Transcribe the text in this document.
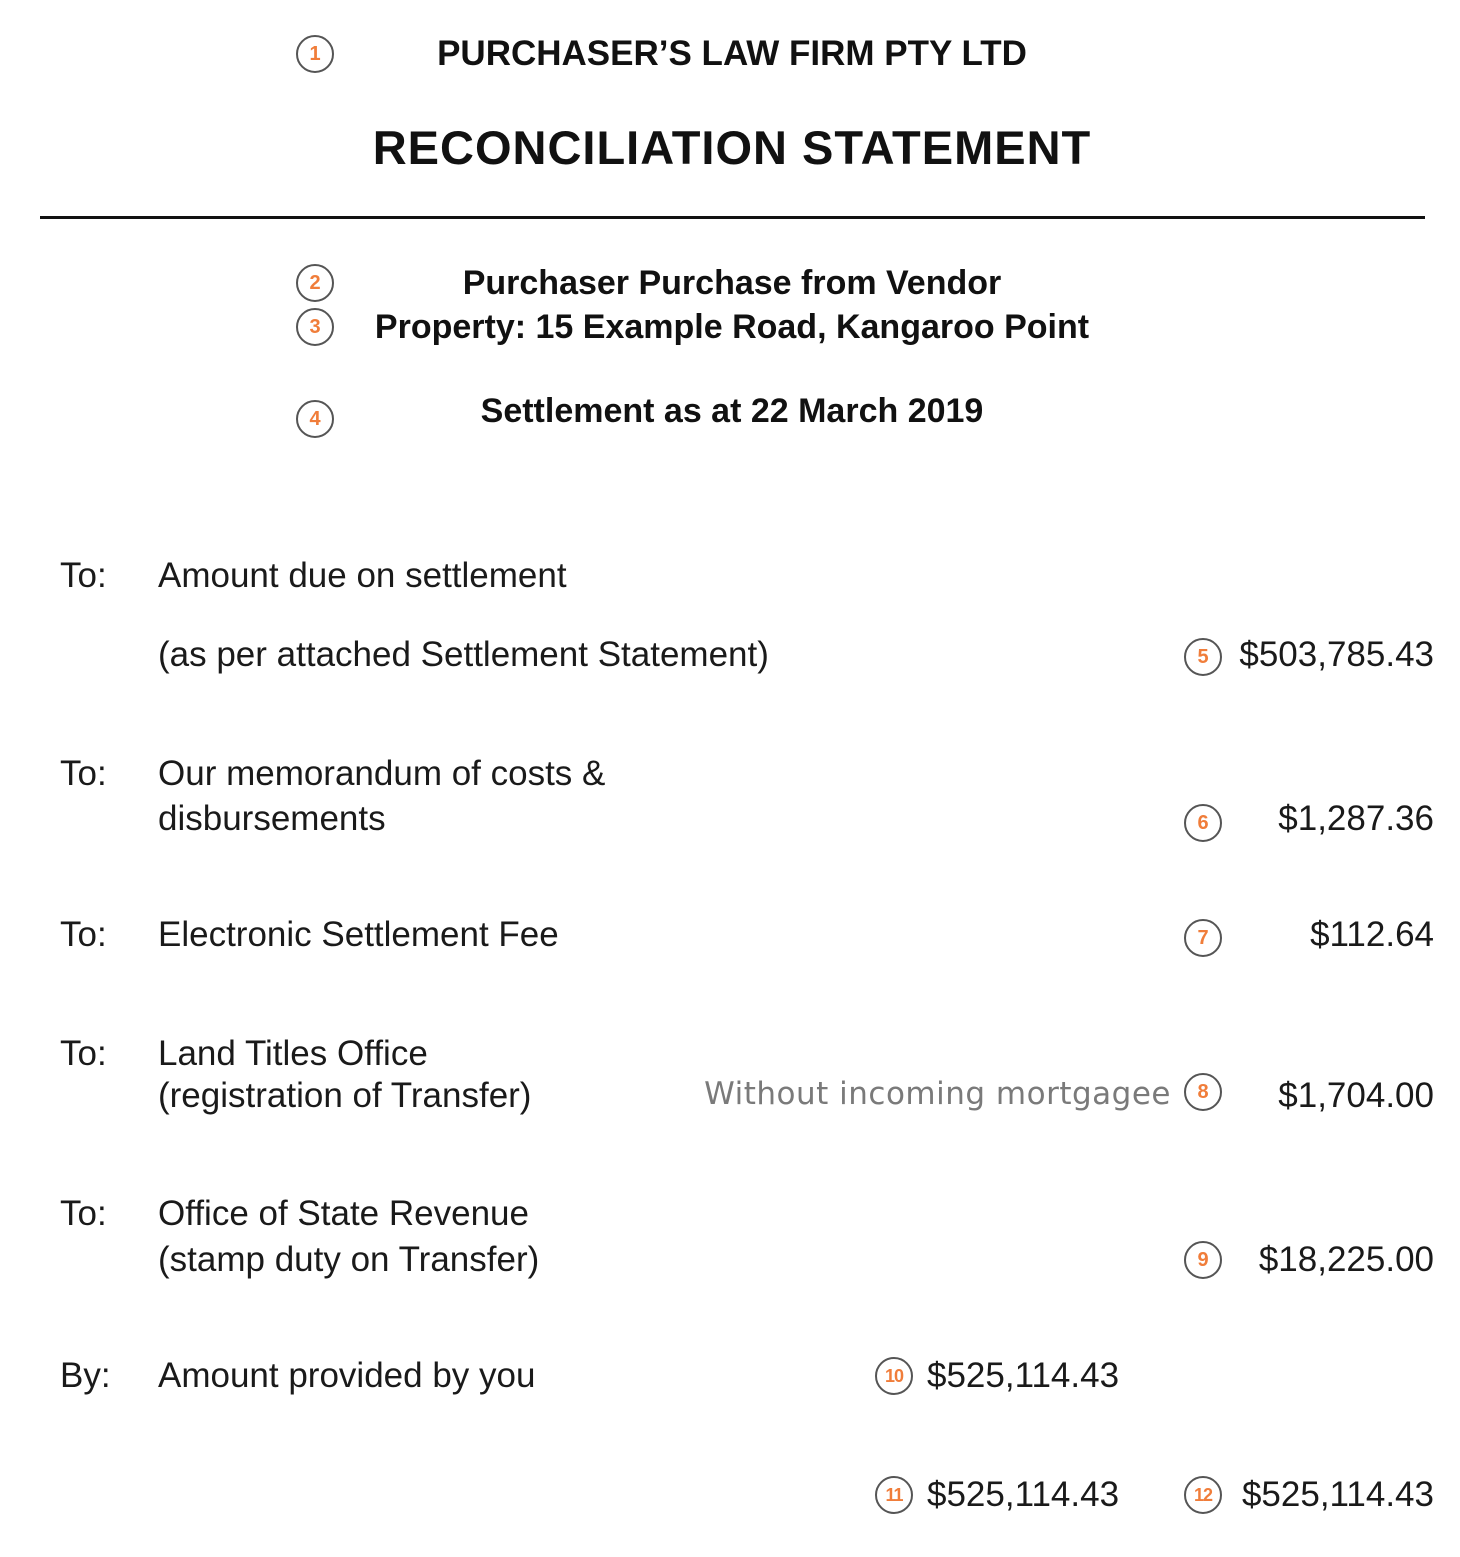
1	PURCHASER’S LAW FIRM PTY LTD
RECONCILIATION STATEMENT
2	Purchaser Purchase from Vendor
3	Property: 15 Example Road, Kangaroo Point
4	Settlement as at 22 March 2019
To: Amount due on settlement
(as per attached Settlement Statement)	5 $503,785.43
To: Our memorandum of costs &
disbursements	6	$1,287.36
To: Electronic Settlement Fee	7	$112.64
To: Land Titles Office
(registration of Transfer)	Without incoming mortgagee	8	$1,704.00
To: Office of State Revenue
(stamp duty on Transfer)	9	$18,225.00
By: Amount provided by you	10 $525,114.43
11 $525,114.43	12 $525,114.43
